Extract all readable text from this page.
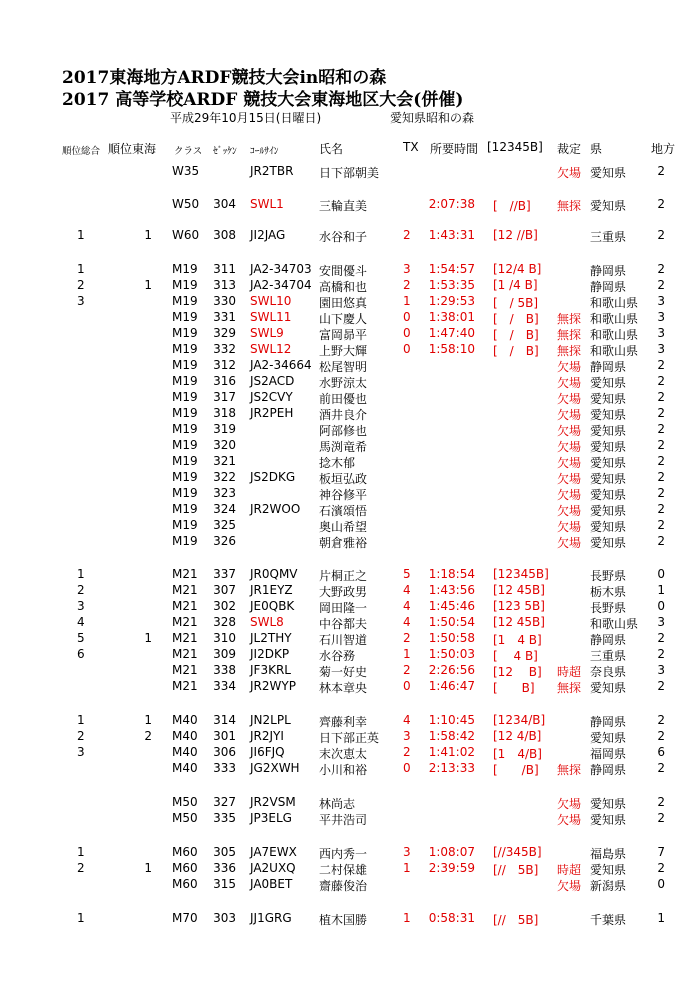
2017東海地方ARDF競技大会in昭和の森
2017 高等学校ARDF 競技大会東海地区大会(併催)
平成29年10月15日(日曜日)	愛知県昭和の森
順位総合 順位東海 クラス ｾﾞｯｹﾝ ｺｰﾙｻｲﾝ	氏名	TX 所要時間 [12345B] 裁定 県	地方
W35	JR2TBR 日下部朝美	欠場 愛知県	2
W50 304 SWL1	三輪直美	2:07:38 [　//B] 無探 愛知県	2
1	1 W60 308 JI2JAG	水谷和子	2 1:43:31 [12 //B]	三重県	2
1	M19 311 JA2-34703 安間優斗	3 1:54:57 [12/4 B]	静岡県	2
2	1 M19 313 JA2-34704 高橋和也	2 1:53:35 [1 /4 B]	静岡県	2
3	M19 330 SWL10 園田悠真	1 1:29:53 [　/ 5B]	和歌山県 3
M19 331 SWL11 山下慶人	0 1:38:01 [　/　B] 無探 和歌山県 3
M19 329 SWL9	富岡昴平	0 1:47:40 [　/　B] 無探 和歌山県 3
M19 332 SWL12 上野大輝	0 1:58:10 [　/　B] 無探 和歌山県 3
M19 312 JA2-34664 松尾智明	欠場 静岡県	2
M19 316 JS2ACD 水野涼太	欠場 愛知県	2
M19 317 JS2CVY 前田優也	欠場 愛知県	2
M19 318 JR2PEH 酒井良介	欠場 愛知県	2
M19 319	阿部修也	欠場 愛知県	2
M19 320	馬渕竜希	欠場 愛知県	2
M19 321	捻木郁	欠場 愛知県	2
M19 322 JS2DKG 板垣弘政	欠場 愛知県	2
M19 323	神谷修平	欠場 愛知県	2
M19 324 JR2WOO 石濱頌悟	欠場 愛知県	2
M19 325	奥山希望	欠場 愛知県	2
M19 326	朝倉雅裕	欠場 愛知県	2
1	M21 337 JR0QMV 片桐正之	5 1:18:54 [12345B]	長野県	0
2	M21 307 JR1EYZ 大野政男	4 1:43:56 [12 45B]	栃木県	1
3	M21 302 JE0QBK 岡田隆一	4 1:45:46 [123 5B]	長野県	0
4	M21 328 SWL8	中谷都夫	4 1:50:54 [12 45B]	和歌山県 3
5	1 M21 310 JL2THY 石川智道	2 1:50:58 [1　4 B]	静岡県	2
6	M21 309 JI2DKP 水谷務	1 1:50:03 [　 4 B]	三重県	2
M21 338 JF3KRL 菊一好史	2 2:26:56 [12　 B] 時超 奈良県	3
M21 334 JR2WYP 林本章央	0 1:46:47 [　　B] 無探 愛知県	2
1	1 M40 314 JN2LPL 齊藤利幸	4 1:10:45 [1234/B]	静岡県	2
2	2 M40 301 JR2JYI	日下部正英 3 1:58:42 [12 4/B]	愛知県	2
3	M40 306 JI6FJQ	末次恵太	2 1:41:02 [1　4/B]	福岡県	6
M40 333 JG2XWH 小川和裕	0 2:13:33 [　　/B] 無探 静岡県	2
M50 327 JR2VSM 林尚志	欠場 愛知県	2
M50 335 JP3ELG 平井浩司	欠場 愛知県	2
1	M60 305 JA7EWX 西内秀一	3 1:08:07 [//345B]	福島県	7
2	1 M60 336 JA2UXQ 二村保雄	1 2:39:59 [//　5B] 時超 愛知県	2
M60 315 JA0BET 齋藤俊治	欠場 新潟県	0
1	M70 303 JJ1GRG 植木国勝	1 0:58:31 [//　5B]	千葉県	1
